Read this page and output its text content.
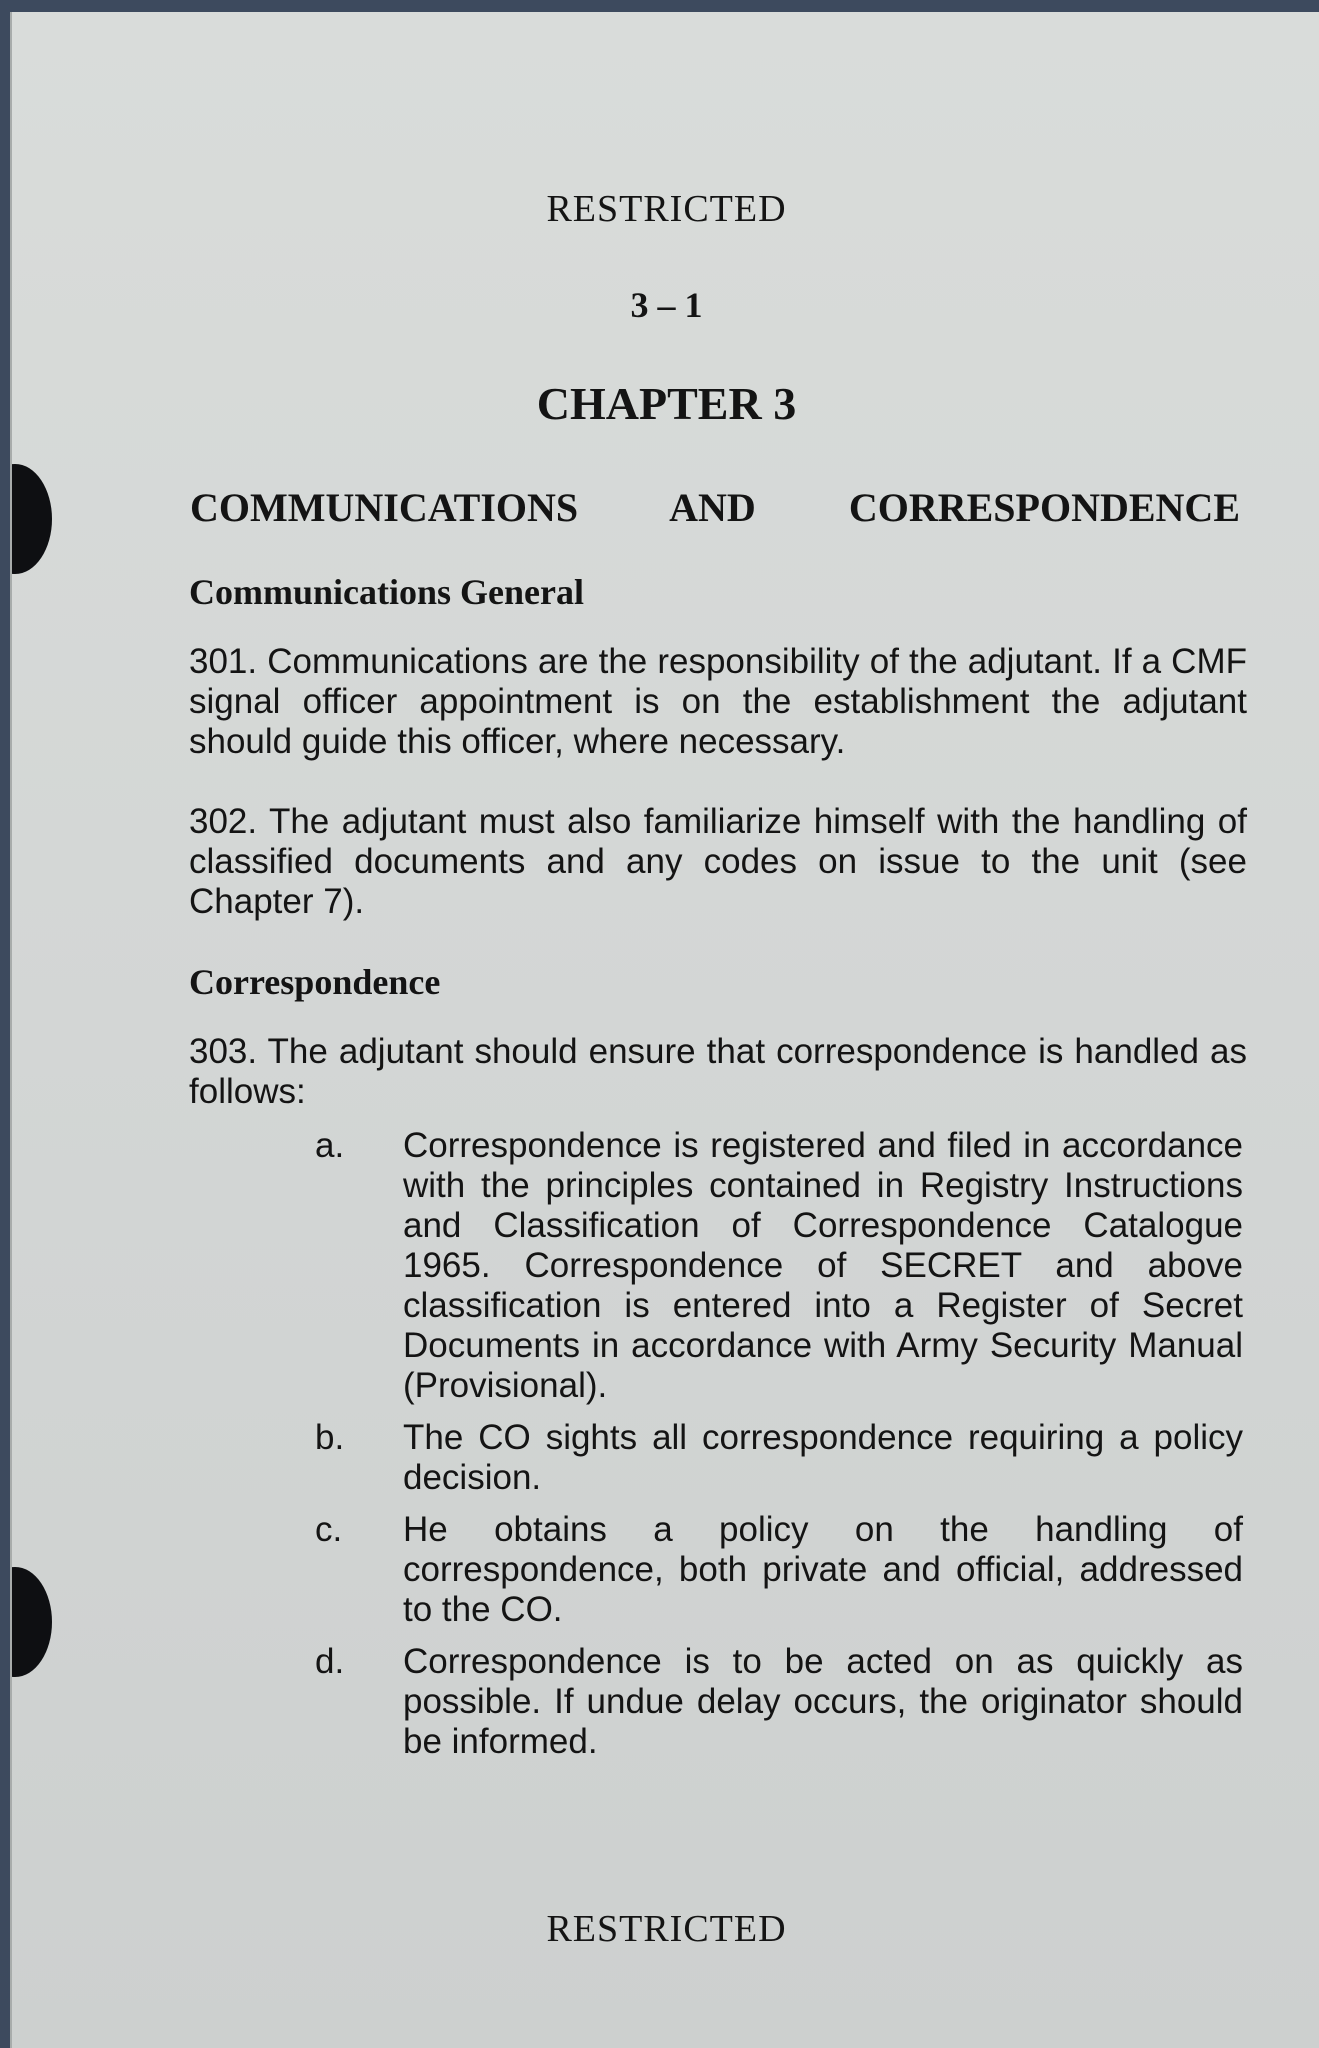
RESTRICTED
3 – 1
CHAPTER 3
COMMUNICATIONS AND CORRESPONDENCE
Communications General

301. Communications are the responsibility of the adjutant. If a CMF signal officer appointment is on the establishment the adjutant should guide this officer, where necessary.

302. The adjutant must also familiarize himself with the handling of classified documents and any codes on issue to the unit (see Chapter 7).

Correspondence

303. The adjutant should ensure that correspondence is handled as follows:

a.	Correspondence is registered and filed in accordance with the principles contained in Registry Instructions and Classification of Correspondence Catalogue 1965. Correspondence of SECRET and above classification is entered into a Register of Secret Documents in accordance with Army Security Manual (Provisional).
b.	The CO sights all correspondence requiring a policy decision.
c.	He obtains a policy on the handling of correspondence, both private and official, addressed to the CO.
d.	Correspondence is to be acted on as quickly as possible. If undue delay occurs, the originator should be informed.
RESTRICTED
